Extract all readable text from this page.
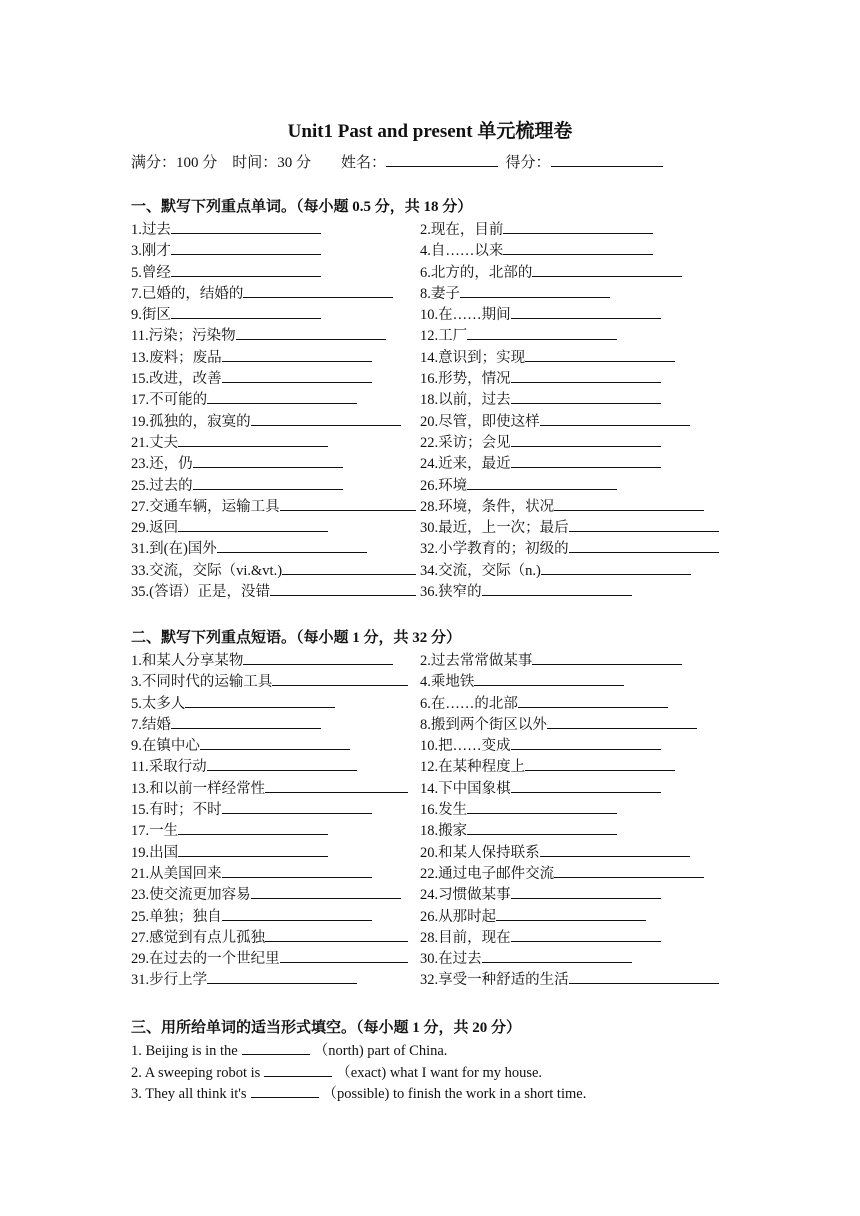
Unit1 Past and present 单元梳理卷
满分：100 分 时间：30 分 姓名：	得分：
一、默写下列重点单词。（每小题 0.5 分，共 18 分）
1.过去	2.现在，目前
3.刚才	4.自……以来
5.曾经	6.北方的，北部的
7.已婚的，结婚的	8.妻子
9.街区	10.在……期间
11.污染；污染物	12.工厂
13.废料；废品	14.意识到；实现
15.改进，改善	16.形势，情况
17.不可能的	18.以前，过去
19.孤独的，寂寞的	20.尽管，即使这样
21.丈夫	22.采访；会见
23.还，仍	24.近来，最近
25.过去的	26.环境
27.交通车辆，运输工具	28.环境，条件，状况
29.返回	30.最近，上一次；最后
31.到(在)国外	32.小学教育的；初级的
33.交流，交际（vi.&vt.)	34.交流，交际（n.)
35.(答语）正是，没错	36.狭窄的
二、默写下列重点短语。（每小题 1 分，共 32 分）
1.和某人分享某物	2.过去常常做某事
3.不同时代的运输工具	4.乘地铁
5.太多人	6.在……的北部
7.结婚	8.搬到两个街区以外
9.在镇中心	10.把……变成
11.采取行动	12.在某种程度上
13.和以前一样经常性	14.下中国象棋
15.有时；不时	16.发生
17.一生	18.搬家
19.出国	20.和某人保持联系
21.从美国回来	22.通过电子邮件交流
23.使交流更加容易	24.习惯做某事
25.单独；独自	26.从那时起
27.感觉到有点儿孤独	28.目前，现在
29.在过去的一个世纪里	30.在过去
31.步行上学	32.享受一种舒适的生活
三、用所给单词的适当形式填空。（每小题 1 分，共 20 分）
1. Beijing is in the	（north) part of China.
2. A sweeping robot is	（exact) what I want for my house.
3. They all think it's	（possible) to finish the work in a short time.
